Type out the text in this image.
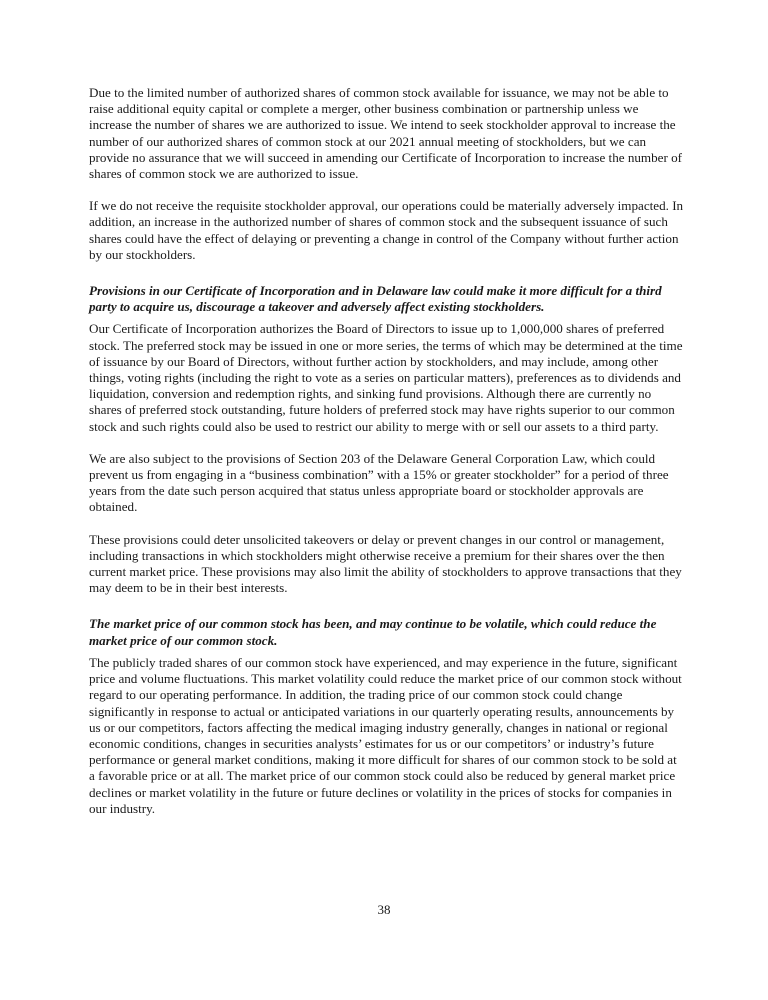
Due to the limited number of authorized shares of common stock available for issuance, we may not be able to
raise additional equity capital or complete a merger, other business combination or partnership unless we
increase the number of shares we are authorized to issue. We intend to seek stockholder approval to increase the
number of our authorized shares of common stock at our 2021 annual meeting of stockholders, but we can
provide no assurance that we will succeed in amending our Certificate of Incorporation to increase the number of
shares of common stock we are authorized to issue.

If we do not receive the requisite stockholder approval, our operations could be materially adversely impacted. In
addition, an increase in the authorized number of shares of common stock and the subsequent issuance of such
shares could have the effect of delaying or preventing a change in control of the Company without further action
by our stockholders.

Provisions in our Certificate of Incorporation and in Delaware law could make it more difficult for a third
party to acquire us, discourage a takeover and adversely affect existing stockholders.

Our Certificate of Incorporation authorizes the Board of Directors to issue up to 1,000,000 shares of preferred
stock. The preferred stock may be issued in one or more series, the terms of which may be determined at the time
of issuance by our Board of Directors, without further action by stockholders, and may include, among other
things, voting rights (including the right to vote as a series on particular matters), preferences as to dividends and
liquidation, conversion and redemption rights, and sinking fund provisions. Although there are currently no
shares of preferred stock outstanding, future holders of preferred stock may have rights superior to our common
stock and such rights could also be used to restrict our ability to merge with or sell our assets to a third party.

We are also subject to the provisions of Section 203 of the Delaware General Corporation Law, which could
prevent us from engaging in a “business combination” with a 15% or greater stockholder” for a period of three
years from the date such person acquired that status unless appropriate board or stockholder approvals are
obtained.

These provisions could deter unsolicited takeovers or delay or prevent changes in our control or management,
including transactions in which stockholders might otherwise receive a premium for their shares over the then
current market price. These provisions may also limit the ability of stockholders to approve transactions that they
may deem to be in their best interests.

The market price of our common stock has been, and may continue to be volatile, which could reduce the
market price of our common stock.

The publicly traded shares of our common stock have experienced, and may experience in the future, significant
price and volume fluctuations. This market volatility could reduce the market price of our common stock without
regard to our operating performance. In addition, the trading price of our common stock could change
significantly in response to actual or anticipated variations in our quarterly operating results, announcements by
us or our competitors, factors affecting the medical imaging industry generally, changes in national or regional
economic conditions, changes in securities analysts’ estimates for us or our competitors’ or industry’s future
performance or general market conditions, making it more difficult for shares of our common stock to be sold at
a favorable price or at all. The market price of our common stock could also be reduced by general market price
declines or market volatility in the future or future declines or volatility in the prices of stocks for companies in
our industry.

38
